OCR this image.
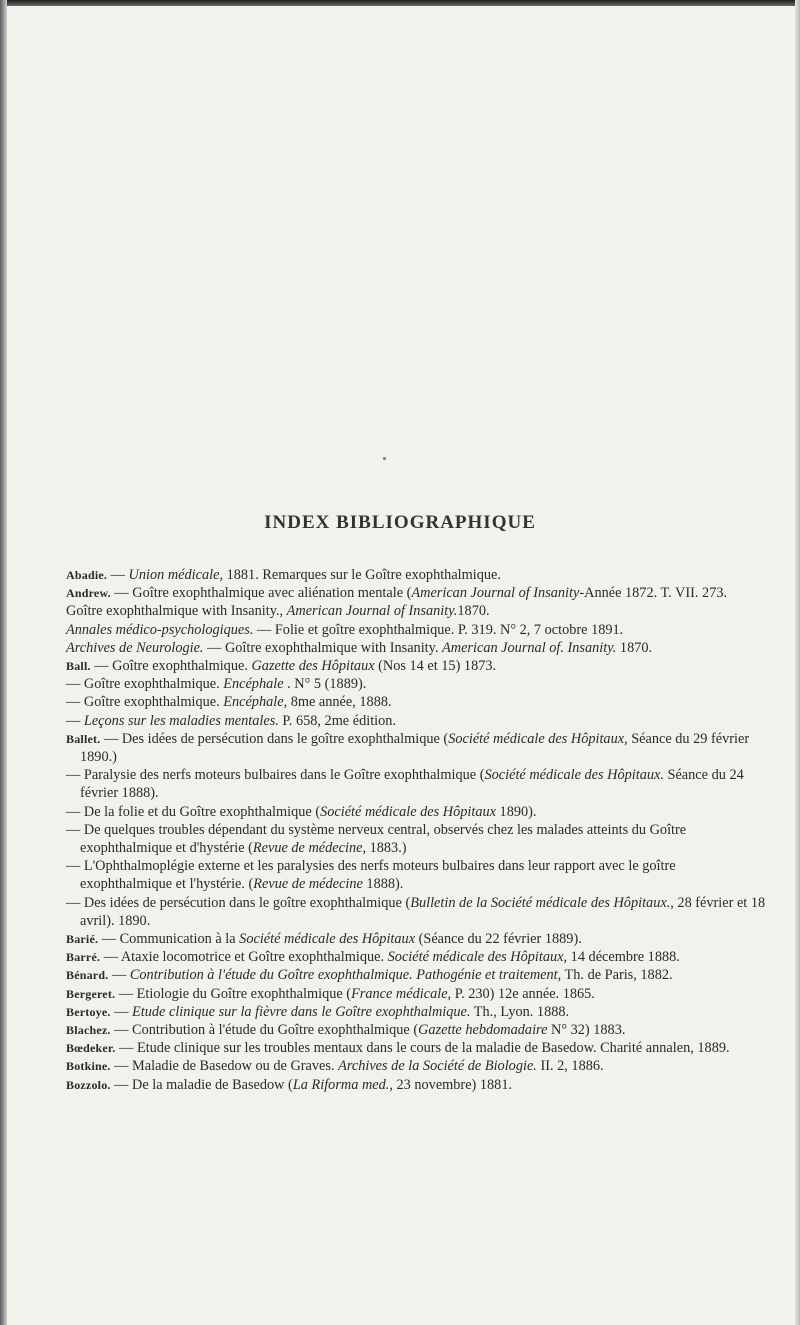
INDEX BIBLIOGRAPHIQUE

Abadie. — Union médicale, 1881. Remarques sur le Goître exophthalmique.

Andrew. — Goître exophthalmique avec aliénation mentale (American Journal of Insanity-Année 1872. T. VII. 273.

Goître exophthalmique with Insanity., American Journal of Insanity.1870.

Annales médico-psychologiques. — Folie et goître exophthalmique. P. 319. N° 2, 7 octobre 1891.

Archives de Neurologie. — Goître exophthalmique with Insanity. American Journal of. Insanity. 1870.

Ball. — Goître exophthalmique. Gazette des Hôpitaux (Nos 14 et 15) 1873.

— Goître exophthalmique. Encéphale . N° 5 (1889).

— Goître exophthalmique. Encéphale, 8me année, 1888.

— Leçons sur les maladies mentales. P. 658, 2me édition.

Ballet. — Des idées de persécution dans le goître exophthalmique (Société médicale des Hôpitaux, Séance du 29 février 1890.)

— Paralysie des nerfs moteurs bulbaires dans le Goître exophthalmique (Société médicale des Hôpitaux. Séance du 24 février 1888).

— De la folie et du Goître exophthalmique (Société médicale des Hôpitaux 1890).

— De quelques troubles dépendant du système nerveux central, observés chez les malades atteints du Goître exophthalmique et d'hystérie (Revue de médecine, 1883.)

— L'Ophthalmoplégie externe et les paralysies des nerfs moteurs bulbaires dans leur rapport avec le goître exophthalmique et l'hystérie. (Revue de médecine 1888).

— Des idées de persécution dans le goître exophthalmique (Bulletin de la Société médicale des Hôpitaux., 28 février et 18 avril). 1890.

Barié. — Communication à la Société médicale des Hôpitaux (Séance du 22 février 1889).

Barré. — Ataxie locomotrice et Goître exophthalmique. Société médicale des Hôpitaux, 14 décembre 1888.

Bénard. — Contribution à l'étude du Goître exophthalmique. Pathogénie et traitement, Th. de Paris, 1882.

Bergeret. — Etiologie du Goître exophthalmique (France médicale, P. 230) 12e année. 1865.

Bertoye. — Etude clinique sur la fièvre dans le Goître exophthalmique. Th., Lyon. 1888.

Blachez. — Contribution à l'étude du Goître exophthalmique (Gazette hebdomadaire N° 32) 1883.

Bœdeker. — Etude clinique sur les troubles mentaux dans le cours de la maladie de Basedow. Charité annalen, 1889.

Botkine. — Maladie de Basedow ou de Graves. Archives de la Société de Biologie. II. 2, 1886.

Bozzolo. — De la maladie de Basedow (La Riforma med., 23 novembre) 1881.
